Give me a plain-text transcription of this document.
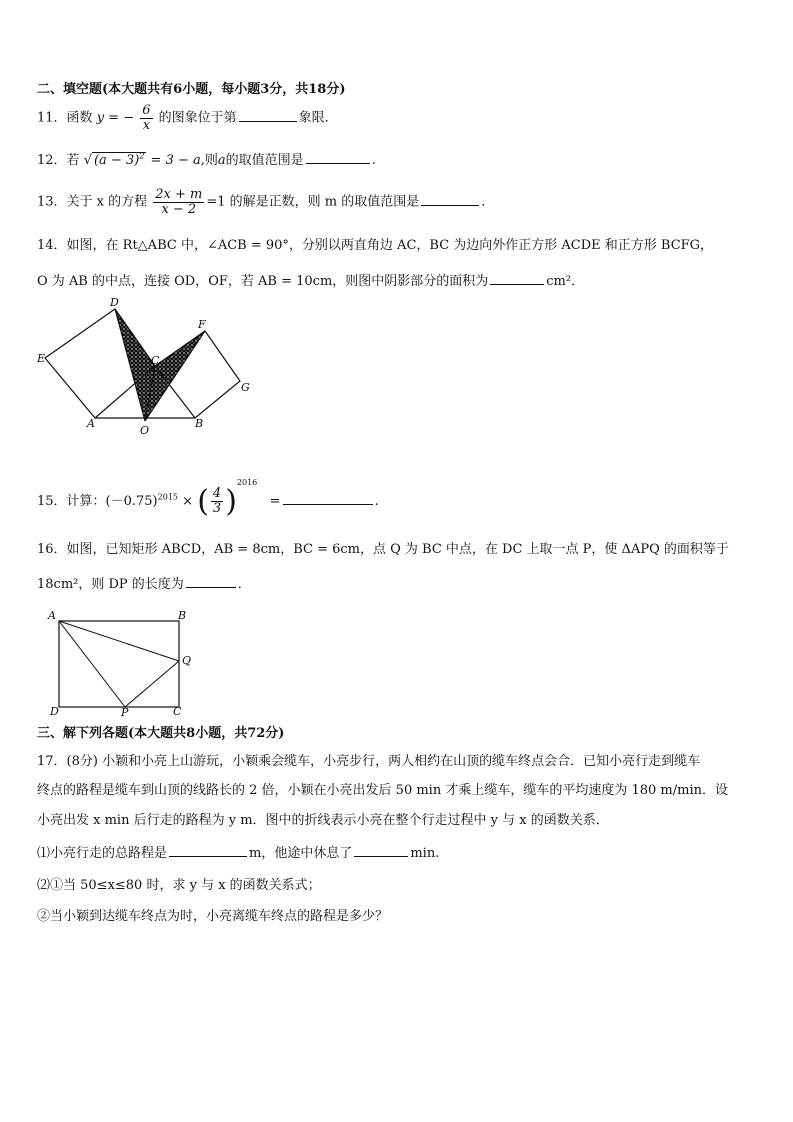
二、填空题(本大题共有6小题，每小题3分，共18分)
11．函数 y = − $\frac{6}{x}$ 的图象位于第	象限．
12．若 √ $(a - 3)^2 = 3 - a$,则a的取值范围是	.
13．关于 x 的方程 $\frac{2x + m}{x - 2} =1$ 的解是正数，则 m 的取值范围是	．
14．如图，在 Rt△ABC 中，∠ACB = 90°，分别以两直角边 AC，BC 为边向外作正方形 ACDE 和正方形 BCFG，
O 为 AB 的中点，连接 OD，OF，若 AB = 10cm，则图中阴影部分的面积为	cm²．
D
E	C
F
G
A
O
B
15．计算：$(-0.75)^{2015}$ × ( $\frac{4}{3} )^{2016}$   =	.
16．如图，已知矩形 ABCD，AB = 8cm，BC = 6cm，点 Q 为 BC 中点，在 DC 上取一点 P，使 ΔAPQ 的面积等于
18cm²，则 DP 的长度为	．
A	B
Q
D	P	C
三、解下列各题(本大题共8小题，共72分)
17．(8分) 小颖和小亮上山游玩，小颖乘会缆车，小亮步行，两人相约在山顶的缆车终点会合．已知小亮行走到缆车
终点的路程是缆车到山顶的线路长的 2 倍，小颖在小亮出发后 50 min 才乘上缆车，缆车的平均速度为 180 m/min．设
小亮出发 x min 后行走的路程为 y m．图中的折线表示小亮在整个行走过程中 y 与 x 的函数关系．
⑴小亮行走的总路程是	m，他途中休息了	min.
⑵①当 50≤x≤80 时，求 y 与 x 的函数关系式；
②当小颖到达缆车终点为时，小亮离缆车终点的路程是多少？
